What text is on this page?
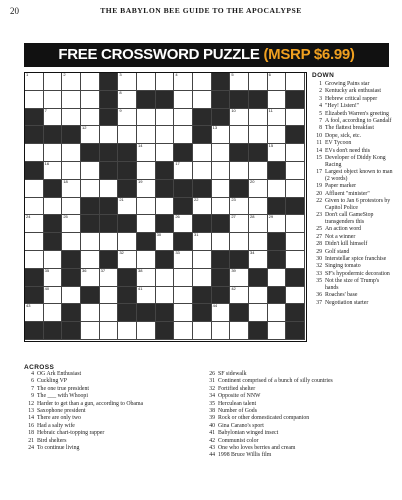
20	THE BABYLON BEE GUIDE TO THE APOCALYPSE
FREE CROSSWORD PUZZLE (MSRP $6.99)
1	2	3	4	5	6
8
7	9	10	11
12	13
14	15
16	17
18	19	20
21	22	23
24	25	26	27	28	29
30	31
32	33	34
35	36	37	38	39
40	41	42
43	44
DOWN
1 Growing Pains star
2 Kentucky ark enthusiast
3 Hebrew critical rapper
4 "Hey! Listen!"
5 Elizabeth Warren's greeting
7 A fool, according to Gandalf
8 The flattest breakfast
10 Dope, sick, etc.
11 EV Tycoon
14 EVs don't need this
15 Developer of Diddy Kong Racing
17 Largest object known to man (2 words)
19 Paper marker
20 Affluent "minister"
22 Given to Jan 6 protestors by Capitol Police
23 Don't call GameStop transgenders this
25 An action word
27 Not a winner
28 Didn't kill himself
29 Golf stand
30 Interstellar spice franchise
32 Singing tomato
33 SF's hypodermic decoration
35 Not the size of Trump's hands
36 Roaches' base
37 Negotiation starter
ACROSS
4 OG Ark Enthusiast
6 Cuckling VP
7 The one true president
9 The ___ with Whoopi
12 Harder to get than a gun, according to Obama
13 Saxophone president
14 There are only two
16 Had a salty wife
18 Hebraic chart-topping rapper
21 Bird shelters
24 To continue living
26 SF sidewalk
31 Continent comprised of a bunch of silly countries
32 Fortified shelter
34 Opposite of NNW
35 Herculean talent
38 Number of Gods
39 Rock or other domesticated companion
40 Gina Carano's sport
41 Babylonian winged insect
42 Communist color
43 One who loves berries and cream
44 1998 Bruce Willis film
